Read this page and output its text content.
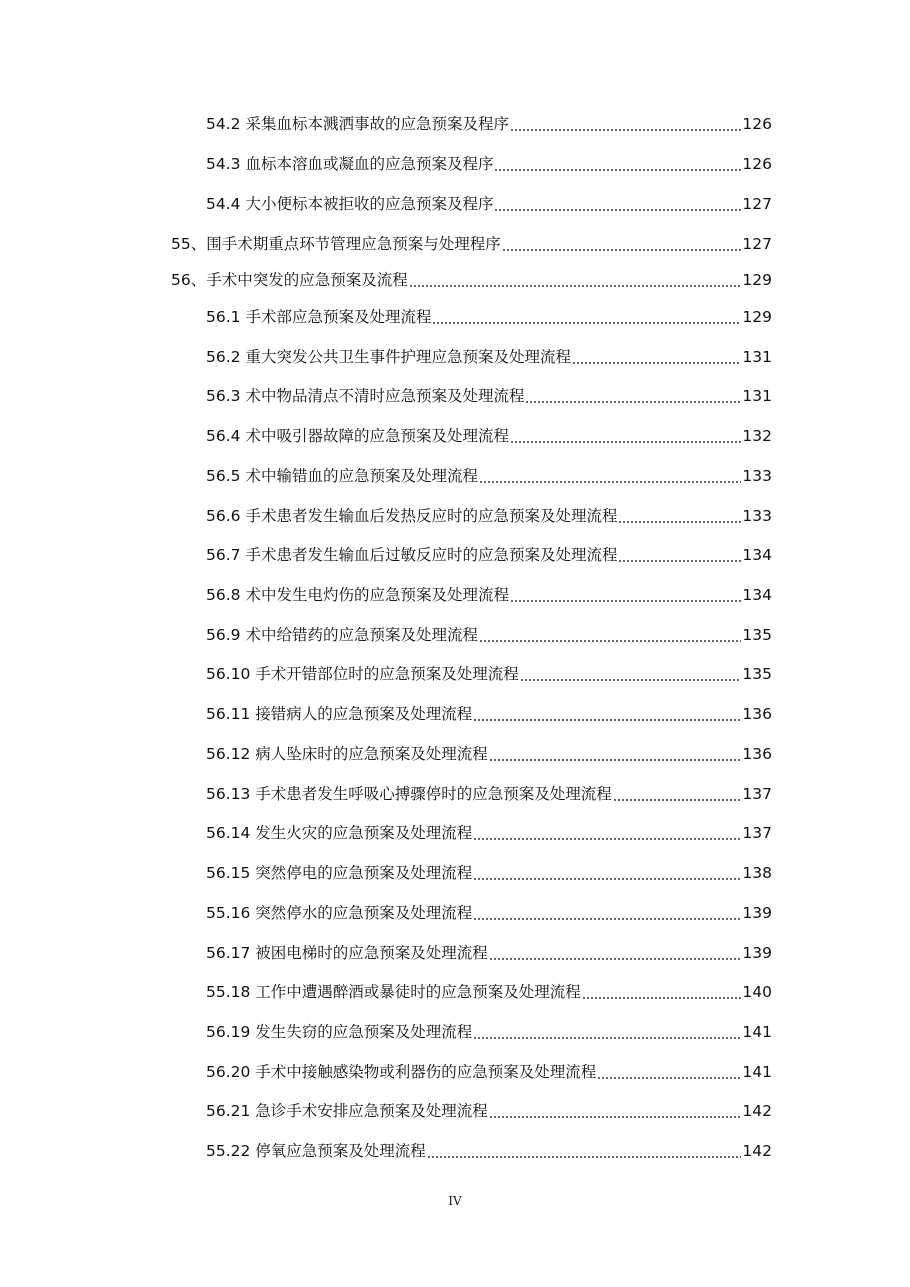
54.2 采集血标本溅洒事故的应急预案及程序	126
54.3 血标本溶血或凝血的应急预案及程序	126
54.4 大小便标本被拒收的应急预案及程序	127
55、围手术期重点环节管理应急预案与处理程序	127
56、手术中突发的应急预案及流程	129
56.1 手术部应急预案及处理流程	129
56.2 重大突发公共卫生事件护理应急预案及处理流程	131
56.3 术中物品清点不清时应急预案及处理流程	131
56.4 术中吸引器故障的应急预案及处理流程	132
56.5 术中输错血的应急预案及处理流程	133
56.6 手术患者发生输血后发热反应时的应急预案及处理流程	133
56.7 手术患者发生输血后过敏反应时的应急预案及处理流程	134
56.8 术中发生电灼伤的应急预案及处理流程	134
56.9 术中给错药的应急预案及处理流程	135
56.10 手术开错部位时的应急预案及处理流程	135
56.11 接错病人的应急预案及处理流程	136
56.12 病人坠床时的应急预案及处理流程	136
56.13 手术患者发生呼吸心搏骤停时的应急预案及处理流程	137
56.14 发生火灾的应急预案及处理流程	137
56.15 突然停电的应急预案及处理流程	138
55.16 突然停水的应急预案及处理流程	139
56.17 被困电梯时的应急预案及处理流程	139
55.18 工作中遭遇醉酒或暴徒时的应急预案及处理流程	140
56.19 发生失窃的应急预案及处理流程	141
56.20 手术中接触感染物或利器伤的应急预案及处理流程	141
56.21 急诊手术安排应急预案及处理流程	142
55.22 停氧应急预案及处理流程	142
IV
